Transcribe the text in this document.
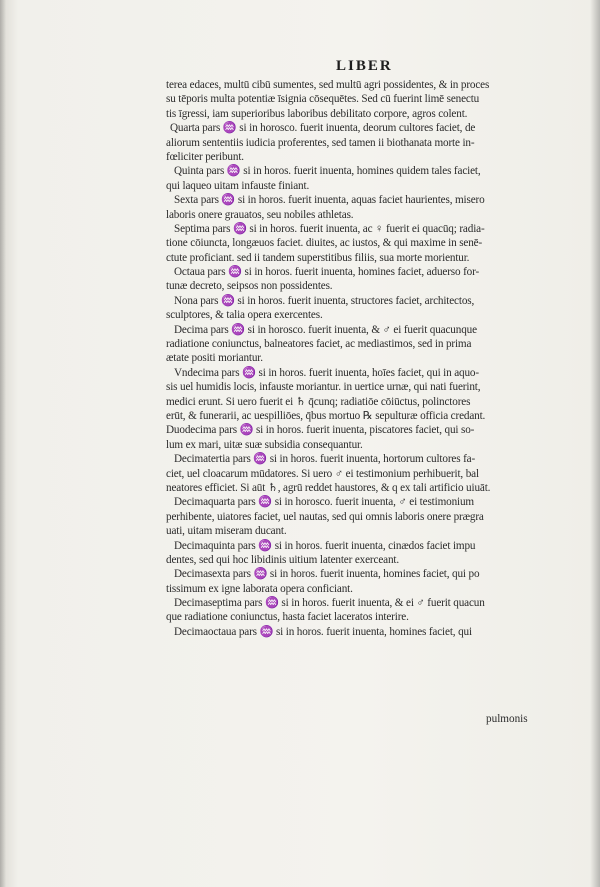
LIBER
terea edaces, multū cibū sumentes, sed multū agri possidentes, & in proces
su tēporis multa potentiæ īsignia cōsequētes. Sed cū fuerint limē senectu
tis īgressi, iam superioribus laboribus debilitato corpore, agros colent.
Quarta pars ♒ si in horosco. fuerit inuenta, deorum cultores faciet, de
aliorum sententiis iudicia proferentes, sed tamen ii biothanata morte in-
fœliciter peribunt.
Quinta pars ♒ si in horos. fuerit inuenta, homines quidem tales faciet,
qui laqueo uitam infauste finiant.
Sexta pars ♒ si in horos. fuerit inuenta, aquas faciet haurientes, misero
laboris onere grauatos, seu nobiles athletas.
Septima pars ♒ si in horos. fuerit inuenta, ac ♀ fuerit ei quacūq; radia-
tione cōiuncta, longæuos faciet. diuites, ac iustos, & qui maxime in senē-
ctute proficiant. sed ii tandem superstitibus filiis, sua morte morientur.
Octaua pars ♒ si in horos. fuerit inuenta, homines faciet, aduerso for-
tunæ decreto, seipsos non possidentes.
Nona pars ♒ si in horos. fuerit inuenta, structores faciet, architectos,
sculptores, & talia opera exercentes.
Decima pars ♒ si in horosco. fuerit inuenta, & ♂ ei fuerit quacunque
radiatione coniunctus, balneatores faciet, ac mediastimos, sed in prima
ætate positi moriantur.
Vndecima pars ♒ si in horos. fuerit inuenta, hoīes faciet, qui in aquo-
sis uel humidis locis, infauste moriantur. in uertice urnæ, qui nati fuerint,
medici erunt. Si uero fuerit ei ♄ q̄cunq; radiatiōe cōiūctus, polinctores
erūt, & funerarii, ac uespilliōes, q̄bus mortuo ℞ sepulturæ officia credant.
Duodecima pars ♒ si in horos. fuerit inuenta, piscatores faciet, qui so-
lum ex mari, uitæ suæ subsidia consequantur.
Decimatertia pars ♒ si in horos. fuerit inuenta, hortorum cultores fa-
ciet, uel cloacarum mūdatores. Si uero ♂ ei testimonium perhibuerit, bal
neatores efficiet. Si aūt ♄, agrū reddet haustores, & q ex tali artificio uiuāt.
Decimaquarta pars ♒ si in horosco. fuerit inuenta, ♂ ei testimonium
perhibente, uiatores faciet, uel nautas, sed qui omnis laboris onere prægra
uati, uitam miseram ducant.
Decimaquinta pars ♒ si in horos. fuerit inuenta, cinædos faciet impu
dentes, sed qui hoc libidinis uitium latenter exerceant.
Decimasexta pars ♒ si in horos. fuerit inuenta, homines faciet, qui po
tissimum ex igne laborata opera conficiant.
Decimaseptima pars ♒ si in horos. fuerit inuenta, & ei ♂ fuerit quacun
que radiatione coniunctus, hasta faciet laceratos interire.
Decimaoctaua pars ♒ si in horos. fuerit inuenta, homines faciet, qui
pulmonis
